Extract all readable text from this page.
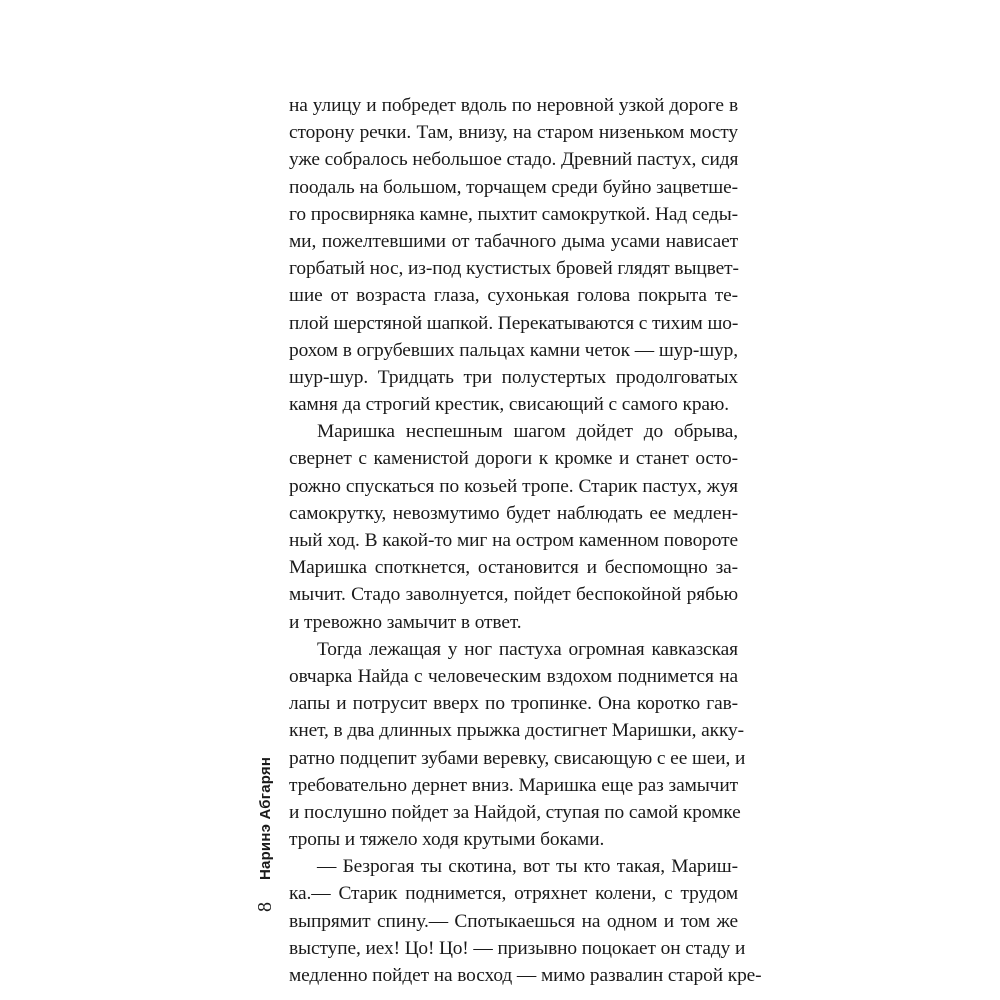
на улицу и побредет вдоль по неровной узкой дороге в
сторону речки. Там, внизу, на старом низеньком мосту
уже собралось небольшое стадо. Древний пастух, сидя
поодаль на большом, торчащем среди буйно зацветше-
го просвирняка камне, пыхтит самокруткой. Над седы-
ми, пожелтевшими от табачного дыма усами нависает
горбатый нос, из-под кустистых бровей глядят выцвет-
шие от возраста глаза, сухонькая голова покрыта те-
плой шерстяной шапкой. Перекатываются с тихим шо-
рохом в огрубевших пальцах камни четок — шур-шур,
шур-шур. Тридцать три полустертых продолговатых
камня да строгий крестик, свисающий с самого краю.
Маришка неспешным шагом дойдет до обрыва,
свернет с каменистой дороги к кромке и станет осто-
рожно спускаться по козьей тропе. Старик пастух, жуя
самокрутку, невозмутимо будет наблюдать ее медлен-
ный ход. В какой-то миг на остром каменном повороте
Маришка споткнется, остановится и беспомощно за-
мычит. Стадо заволнуется, пойдет беспокойной рябью
и тревожно замычит в ответ.
Тогда лежащая у ног пастуха огромная кавказская
овчарка Найда с человеческим вздохом поднимется на
лапы и потрусит вверх по тропинке. Она коротко гав-
кнет, в два длинных прыжка достигнет Маришки, акку-
ратно подцепит зубами веревку, свисающую с ее шеи, и
требовательно дернет вниз. Маришка еще раз замычит
и послушно пойдет за Найдой, ступая по самой кромке
тропы и тяжело ходя крутыми боками.
— Безрогая ты скотина, вот ты кто такая, Мариш-
ка.— Старик поднимется, отряхнет колени, с трудом
выпрямит спину.— Спотыкаешься на одном и том же
выступе, иех! Цо! Цо! — призывно поцокает он стаду и
медленно пойдет на восход — мимо развалин старой кре-
8
Наринэ Абгарян
